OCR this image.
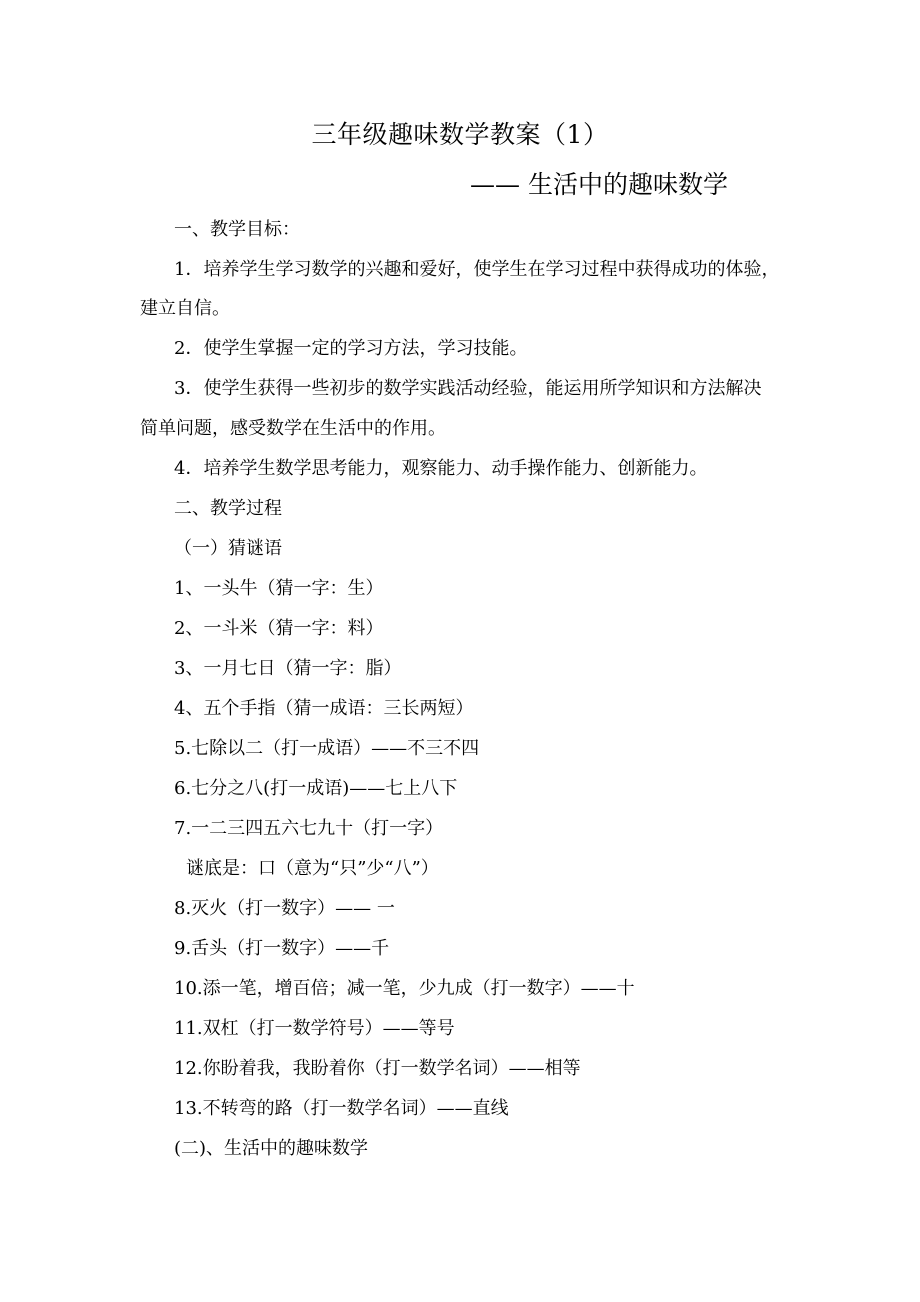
三年级趣味数学教案（1）
—— 生活中的趣味数学
一、教学目标：
1．培养学生学习数学的兴趣和爱好，使学生在学习过程中获得成功的体验，
建立自信。
2．使学生掌握一定的学习方法，学习技能。
3．使学生获得一些初步的数学实践活动经验，能运用所学知识和方法解决
简单问题，感受数学在生活中的作用。
4．培养学生数学思考能力，观察能力、动手操作能力、创新能力。
二、教学过程
（一）猜谜语
1、一头牛（猜一字：生）
2、一斗米（猜一字：料）
3、一月七日（猜一字：脂）
4、五个手指（猜一成语：三长两短）
5.七除以二（打一成语）——不三不四
6.七分之八(打一成语)——七上八下
7.一二三四五六七九十（打一字）
谜底是：口（意为“只”少“八”）
8.灭火（打一数字）—— 一
9.舌头（打一数字）——千
10.添一笔，增百倍；减一笔，少九成（打一数字）——十
11.双杠（打一数学符号）——等号
12.你盼着我，我盼着你（打一数学名词）——相等
13.不转弯的路（打一数学名词）——直线
(二)、生活中的趣味数学
